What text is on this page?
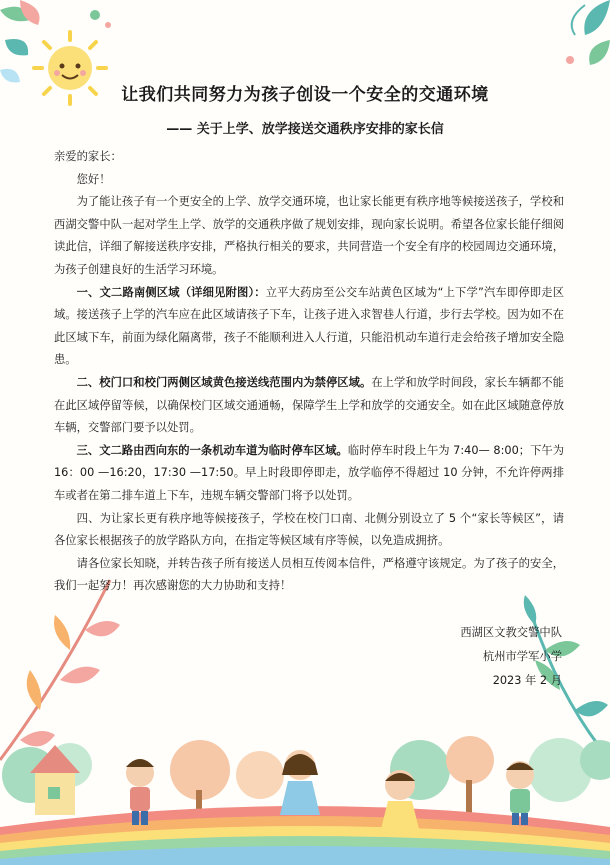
让我们共同努力为孩子创设一个安全的交通环境
—— 关于上学、放学接送交通秩序安排的家长信

亲爱的家长：

您好！

为了能让孩子有一个更安全的上学、放学交通环境，也让家长能更有秩序地等候接送孩子，学校和西湖交警中队一起对学生上学、放学的交通秩序做了规划安排，现向家长说明。希望各位家长能仔细阅读此信，详细了解接送秩序安排，严格执行相关的要求，共同营造一个安全有序的校园周边交通环境，为孩子创建良好的生活学习环境。

一、文二路南侧区域（详细见附图）：立平大药房至公交车站黄色区域为“上下学”汽车即停即走区域。接送孩子上学的汽车应在此区域请孩子下车，让孩子进入求智巷人行道，步行去学校。因为如不在此区域下车，前面为绿化隔离带，孩子不能顺利进入人行道，只能沿机动车道行走会给孩子增加安全隐患。

二、校门口和校门两侧区域黄色接送线范围内为禁停区域。在上学和放学时间段，家长车辆都不能在此区域停留等候，以确保校门区域交通通畅，保障学生上学和放学的交通安全。如在此区域随意停放车辆，交警部门要予以处罚。

三、文二路由西向东的一条机动车道为临时停车区域。临时停车时段上午为 7:40— 8:00；下午为 16：00 —16:20，17:30 —17:50。早上时段即停即走，放学临停不得超过 10 分钟，不允许停两排车或者在第二排车道上下车，违规车辆交警部门将予以处罚。

四、为让家长更有秩序地等候接孩子，学校在校门口南、北侧分别设立了 5 个“家长等候区”，请各位家长根据孩子的放学路队方向，在指定等候区域有序等候，以免造成拥挤。

请各位家长知晓，并转告孩子所有接送人员相互传阅本信件，严格遵守该规定。为了孩子的安全，我们一起努力！再次感谢您的大力协助和支持！

西湖区文教交警中队
杭州市学军小学
2023 年 2 月
